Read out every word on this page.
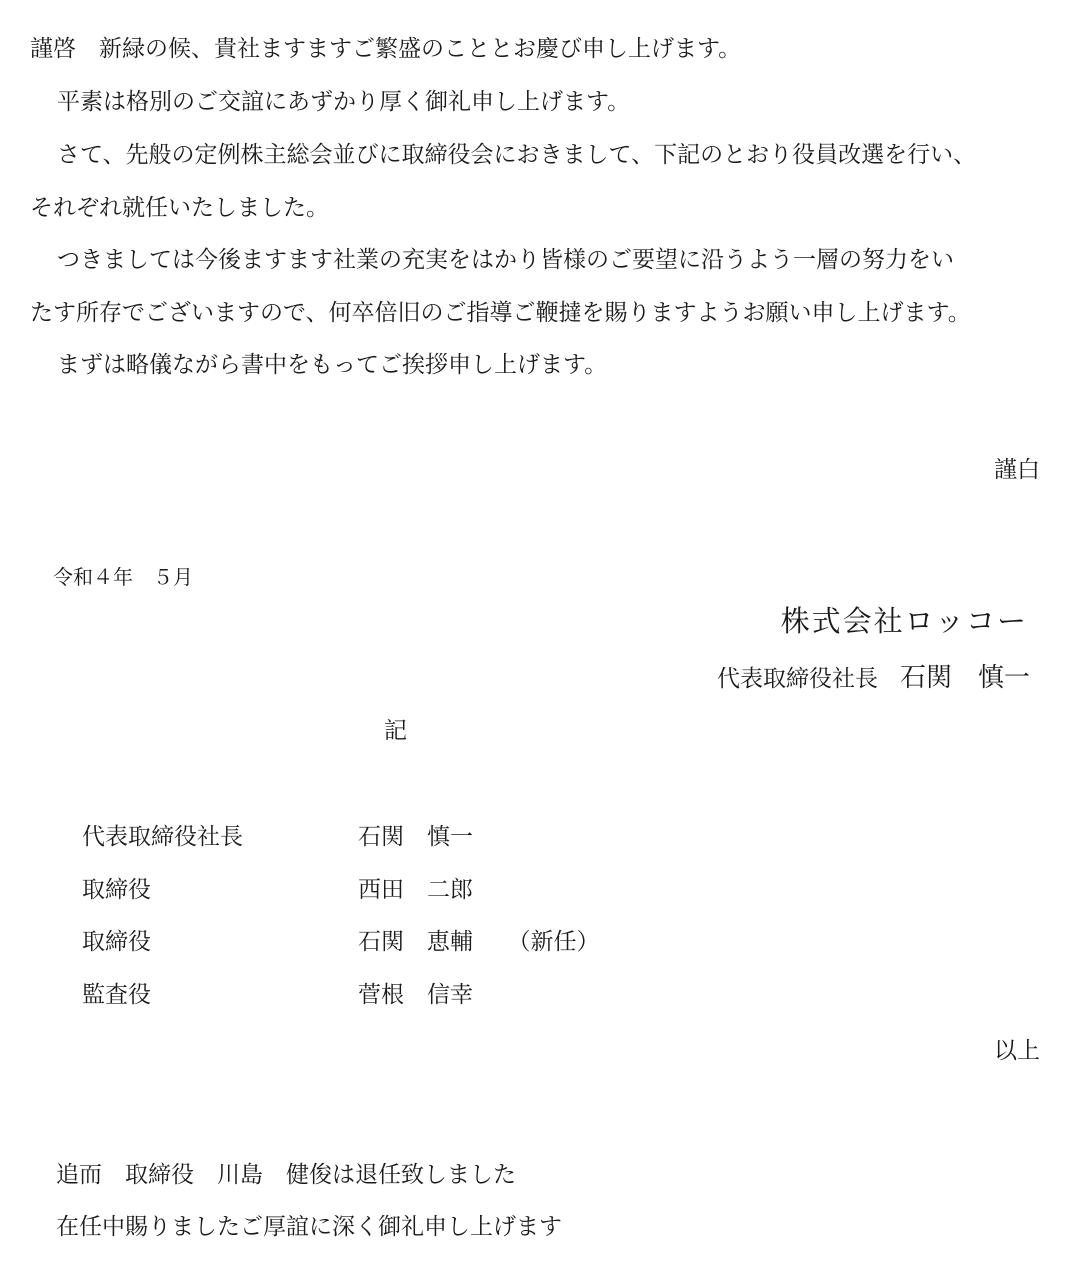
謹啓　新緑の候、貴社ますますご繁盛のこととお慶び申し上げます。
平素は格別のご交誼にあずかり厚く御礼申し上げます。
さて、先般の定例株主総会並びに取締役会におきまして、下記のとおり役員改選を行い、
それぞれ就任いたしました。
つきましては今後ますます社業の充実をはかり皆様のご要望に沿うよう一層の努力をい
たす所存でございますので、何卒倍旧のご指導ご鞭撻を賜りますようお願い申し上げます。
まずは略儀ながら書中をもってご挨拶申し上げます。
謹白
令和４年　５月
株式会社ロッコー
代表取締役社長 石関　慎一
記
代表取締役社長	石関　慎一
取締役	西田　二郎
取締役	石関　恵輔　　（新任）
監査役	菅根　信幸
以上
追而　取締役　川島　健俊は退任致しました
在任中賜りましたご厚誼に深く御礼申し上げます
